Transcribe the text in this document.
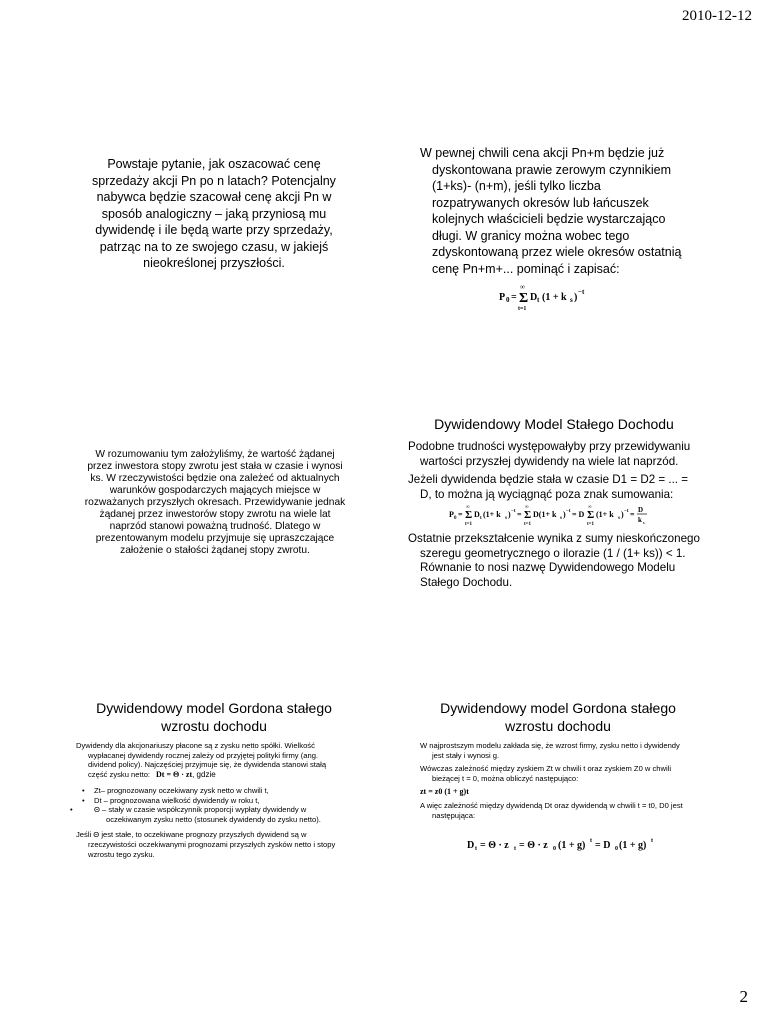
2010-12-12
Powstaje pytanie, jak oszacować cenę sprzedaży akcji Pn po n latach? Potencjalny nabywca będzie szacował cenę akcji Pn w sposób analogiczny – jaką przyniosą mu dywidendę i ile będą warte przy sprzedaży, patrząc na to ze swojego czasu, w jakiejś nieokreślonej przyszłości.
W pewnej chwili cena akcji Pn+m będzie już dyskontowana prawie zerowym czynnikiem (1+ks)- (n+m), jeśli tylko liczba rozpatrywanych okresów lub łańcuszek kolejnych właścicieli będzie wystarczająco długi. W granicy można wobec tego zdyskontowaną przez wiele okresów ostatnią cenę Pn+m+... pominąć i zapisać:
P 0 =
∞
Σ
t=1
D t (1 + k s ) −t
W rozumowaniu tym założyliśmy, że wartość żądanej przez inwestora stopy zwrotu jest stała w czasie i wynosi ks. W rzeczywistości będzie ona zależeć od aktualnych warunków gospodarczych mających miejsce w rozważanych przyszłych okresach. Przewidywanie jednak żądanej przez inwestorów stopy zwrotu na wiele lat naprzód stanowi poważną trudność. Dlatego w prezentowanym modelu przyjmuje się upraszczające założenie o stałości żądanej stopy zwrotu.
Dywidendowy Model Stałego Dochodu
Podobne trudności występowałyby przy przewidywaniu wartości przyszłej dywidendy na wiele lat naprzód.
Jeżeli dywidenda będzie stała w czasie D1 = D2 = ... = D, to można ją wyciągnąć poza znak sumowania:
P 0 =
∞
Σ
t=1
D t (1+ k s ) −t =
∞
Σ
t=1
D(1+ k s ) −t = D
∞
Σ
t=1
(1+ k s ) −t = D
k s
Ostatnie przekształcenie wynika z sumy nieskończonego szeregu geometrycznego o ilorazie (1 / (1+ ks)) < 1. Równanie to nosi nazwę Dywidendowego Modelu Stałego Dochodu.
Dywidendowy model Gordona stałego wzrostu dochodu
Dywidendy dla akcjonariuszy płacone są z zysku netto spółki. Wielkość wypłacanej dywidendy rocznej zależy od przyjętej polityki firmy (ang. dividend policy). Najczęściej przyjmuje się, że dywidenda stanowi stałą część zysku netto: Dt = Θ · zt, gdzie
• Zt– prognozowany oczekiwany zysk netto w chwili t,
• Dt – prognozowana wielkość dywidendy w roku t,
• Θ – stały w czasie współczynnik proporcji wypłaty dywidendy w oczekiwanym zysku netto (stosunek dywidendy do zysku netto).
Jeśli Θ jest stałe, to oczekiwane prognozy przyszłych dywidend są w rzeczywistości oczekiwanymi prognozami przyszłych zysków netto i stopy wzrostu tego zysku.
Dywidendowy model Gordona stałego wzrostu dochodu
W najprostszym modelu zakłada się, że wzrost firmy, zysku netto i dywidendy jest stały i wynosi g.
Wówczas zależność między zyskiem Zt w chwili t oraz zyskiem Z0 w chwili bieżącej t = 0, można obliczyć następująco:
zt = z0 (1 + g)t
A więc zależność między dywidendą Dt oraz dywidendą w chwili t = t0, D0 jest następująca:
D t = Θ · z t = Θ · z 0 (1 + g) t = D 0 (1 + g) t
2
